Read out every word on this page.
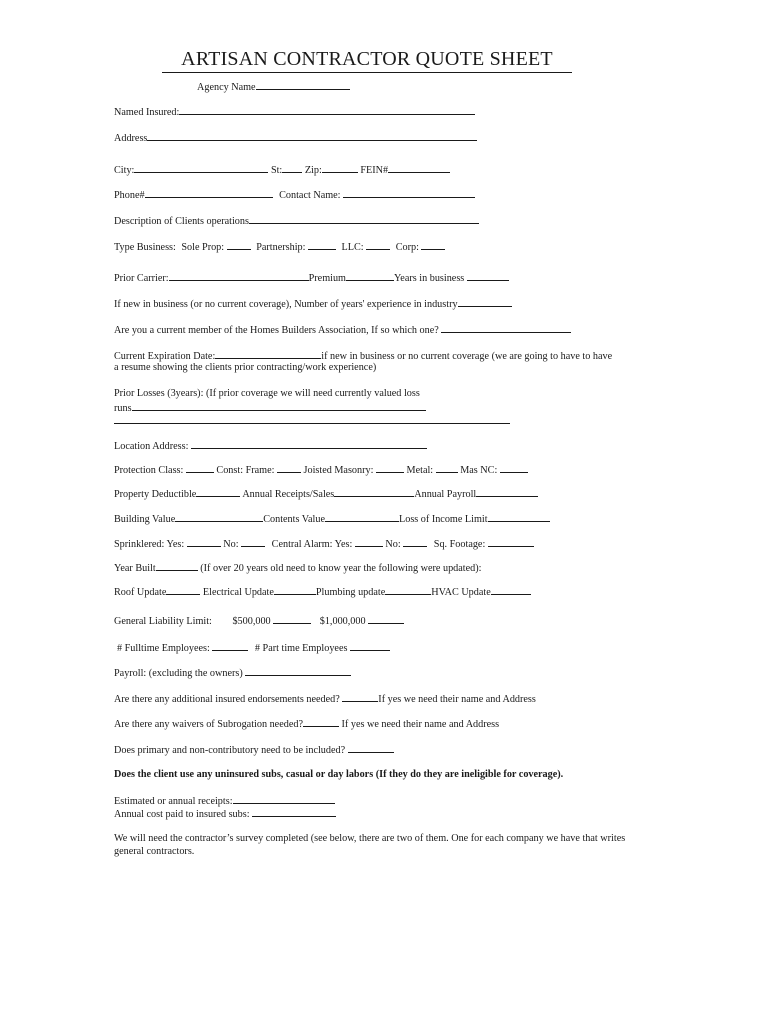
ARTISAN CONTRACTOR QUOTE SHEET
Agency Name
Named Insured:
Address
City:	St: Zip:	FEIN#
Phone#	Contact Name:
Description of Clients operations
Type Business: Sole Prop:	Partnership:	LLC:	Corp:
Prior Carrier:	Premium	Years in business
If new in business (or no current coverage), Number of years' experience in industry
Are you a current member of the Homes Builders Association, If so which one?
Current Expiration Date:	if new in business or no current coverage (we are going to have to have
a resume showing the clients prior contracting/work experience)
Prior Losses (3years): (If prior coverage we will need currently valued loss
runs
Location Address:
Protection Class:	Const: Frame:	Joisted Masonry:	Metal:	Mas NC:
Property Deductible	Annual Receipts/Sales	Annual Payroll
Building Value	Contents Value	Loss of Income Limit
Sprinklered: Yes:	No:	Central Alarm: Yes:	No:	Sq. Footage:
Year Built	(If over 20 years old need to know year the following were updated):
Roof Update	Electrical Update	Plumbing update	HVAC Update
General Liability Limit: $500,000	$1,000,000
# Fulltime Employees:	# Part time Employees
Payroll: (excluding the owners)
Are there any additional insured endorsements needed?	If yes we need their name and Address
Are there any waivers of Subrogation needed?	If yes we need their name and Address
Does primary and non-contributory need to be included?
Does the client use any uninsured subs, casual or day labors (If they do they are ineligible for coverage).
Estimated or annual receipts:
Annual cost paid to insured subs:
We will need the contractor’s survey completed (see below, there are two of them. One for each company we have that writes general contractors.
